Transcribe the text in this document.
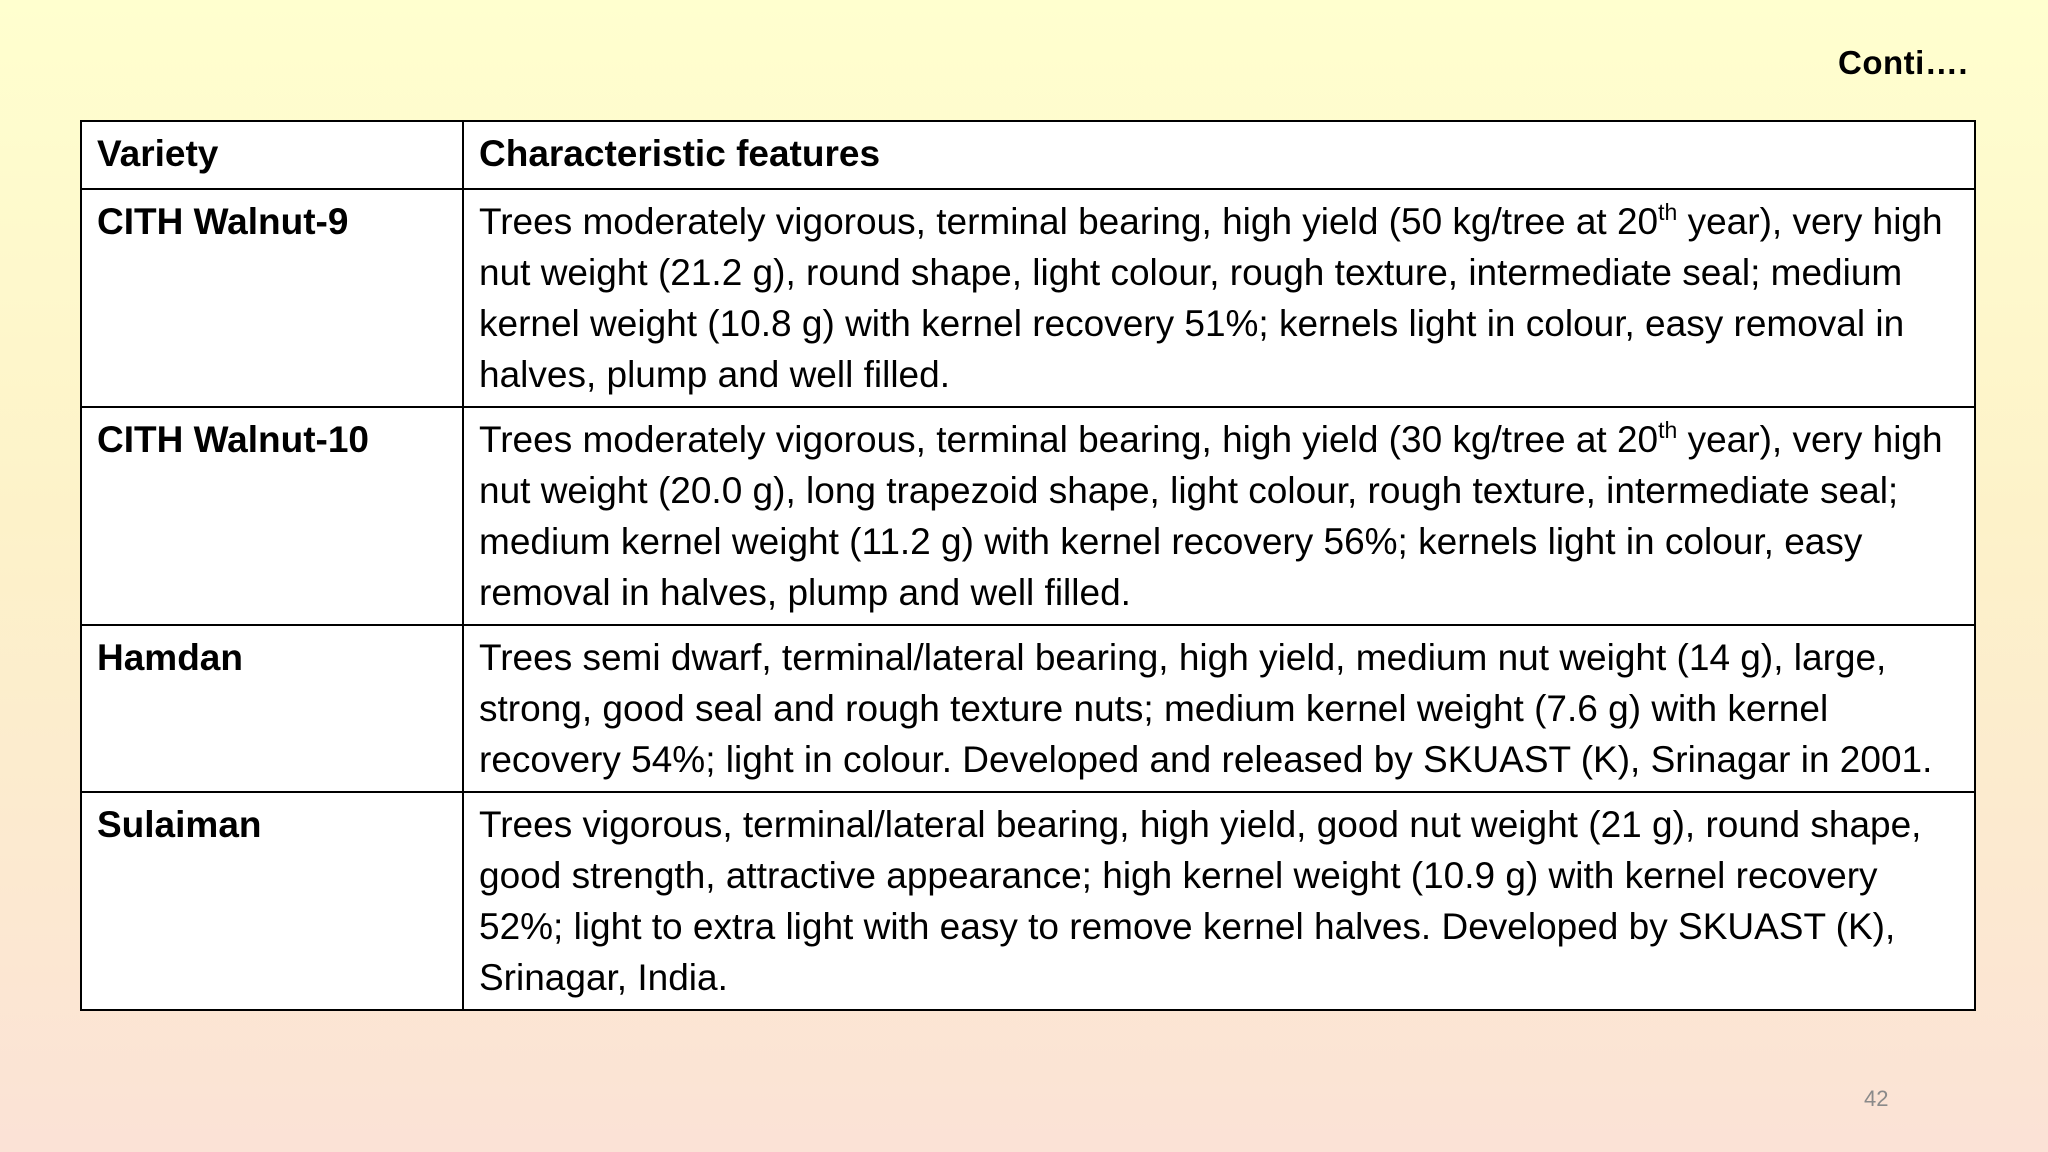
Conti….
Variety	Characteristic features
CITH Walnut-9	Trees moderately vigorous, terminal bearing, high yield (50 kg/tree at 20th year), very high nut weight (21.2 g), round shape, light colour, rough texture, intermediate seal; medium kernel weight (10.8 g) with kernel recovery 51%; kernels light in colour, easy removal in halves, plump and well filled.
CITH Walnut-10	Trees moderately vigorous, terminal bearing, high yield (30 kg/tree at 20th year), very high nut weight (20.0 g), long trapezoid shape, light colour, rough texture, intermediate seal; medium kernel weight (11.2 g) with kernel recovery 56%; kernels light in colour, easy removal in halves, plump and well filled.
Hamdan	Trees semi dwarf, terminal/lateral bearing, high yield, medium nut weight (14 g), large, strong, good seal and rough texture nuts; medium kernel weight (7.6 g) with kernel recovery 54%; light in colour. Developed and released by SKUAST (K), Srinagar in 2001.
Sulaiman	Trees vigorous, terminal/lateral bearing, high yield, good nut weight (21 g), round shape, good strength, attractive appearance; high kernel weight (10.9 g) with kernel recovery 52%; light to extra light with easy to remove kernel halves. Developed by SKUAST (K), Srinagar, India.
42
